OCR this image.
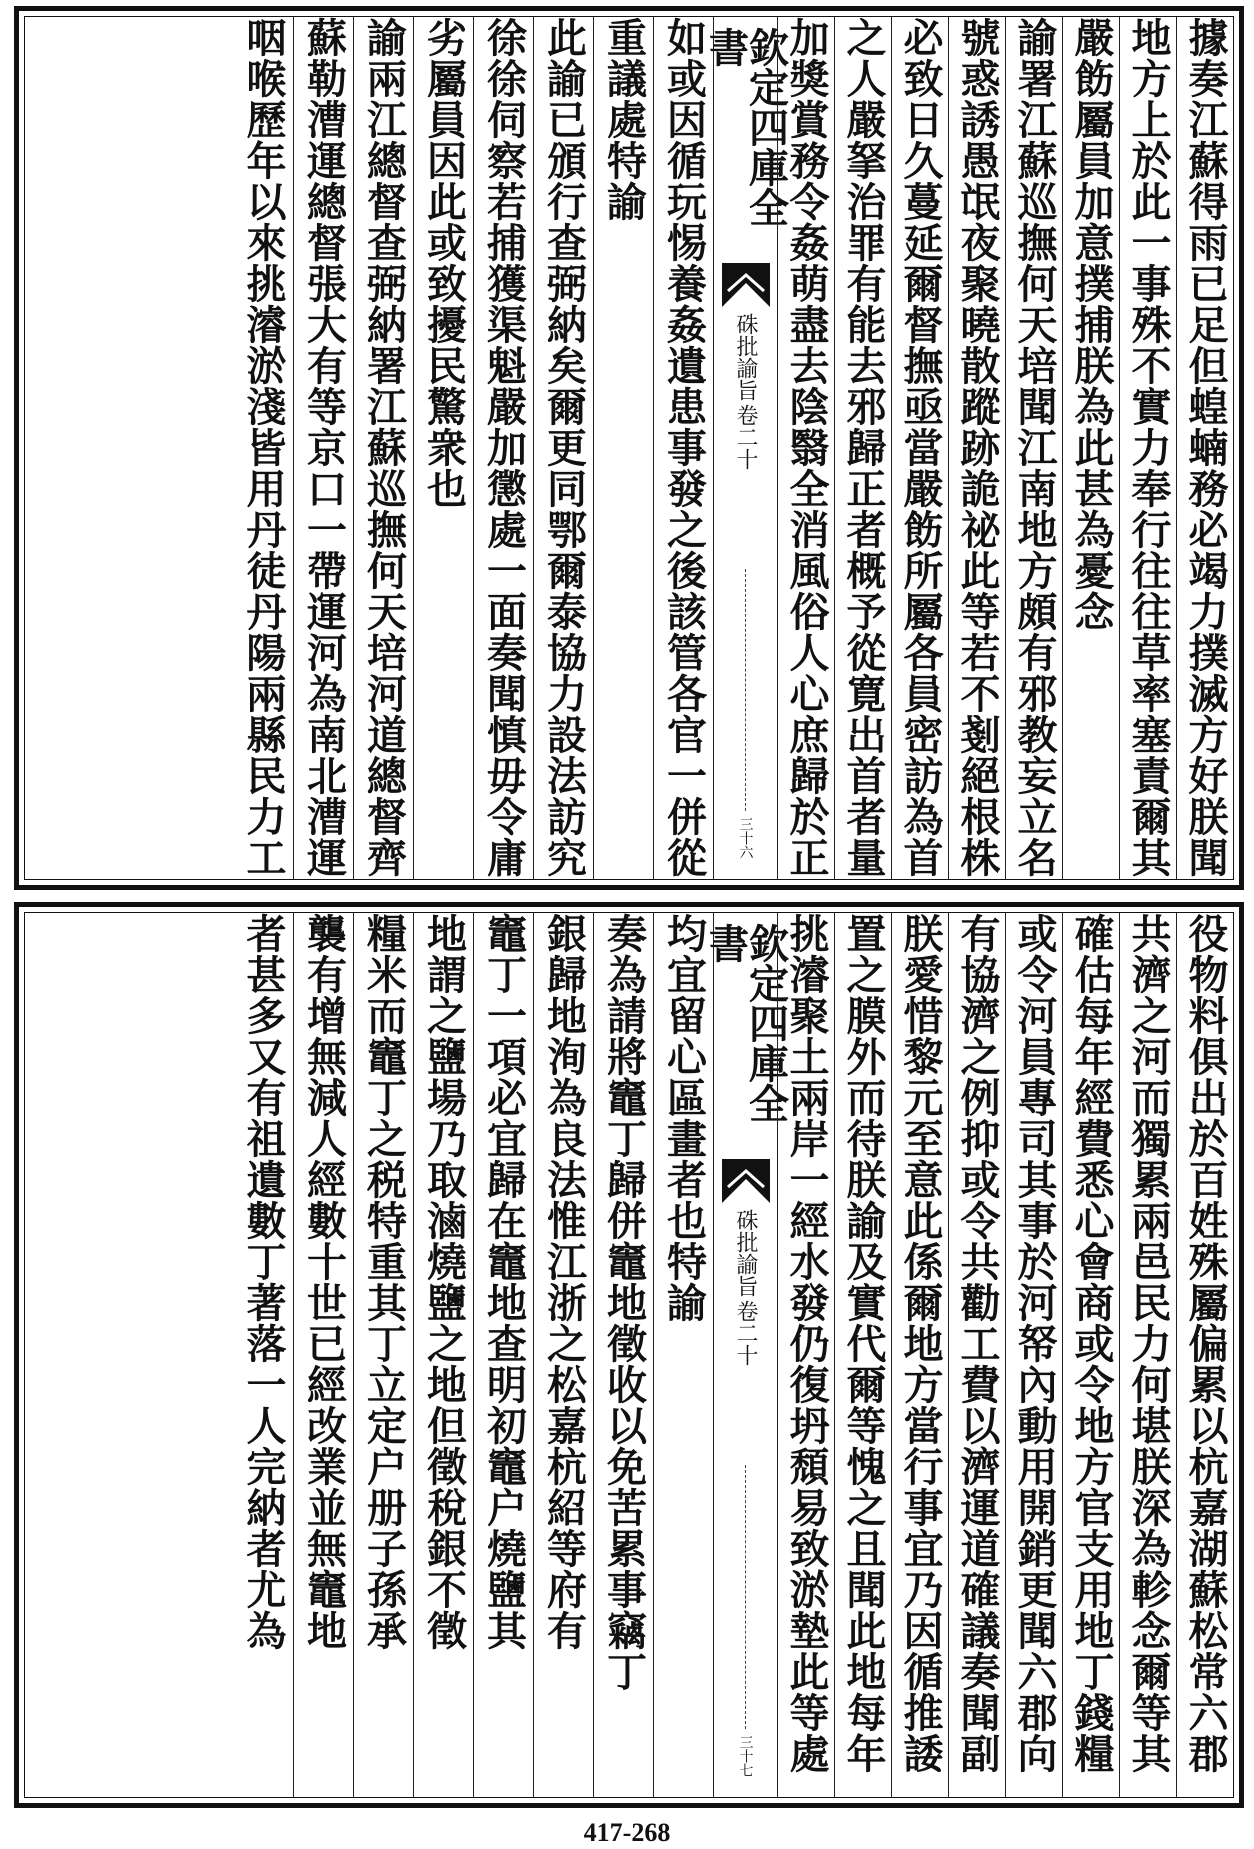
據奏江蘇得雨已足但蝗蝻務必竭力撲滅方好朕聞
地方上於此一事殊不實力奉行往往草率塞責爾其
嚴飭屬員加意撲捕朕為此甚為憂念
諭署江蘇巡撫何天培聞江南地方頗有邪教妄立名
號惑誘愚氓夜聚曉散蹤跡詭祕此等若不剗絕根株
必致日久蔓延爾督撫亟當嚴飭所屬各員密訪為首
之人嚴拏治罪有能去邪歸正者概予從寛出首者量
加獎賞務令姦萌盡去陰翳全消風俗人心庶歸於正
欽定四庫全書
硃批諭旨
卷二十
三十六
如或因循玩惕養姦遺患事發之後該管各官一併從
重議處特諭
此諭已頒行查弼納矣爾更同鄂爾泰協力設法訪究
徐徐伺察若捕獲渠魁嚴加懲處一面奏聞慎毋令庸
劣屬員因此或致擾民驚衆也
諭兩江總督查弼納署江蘇巡撫何天培河道總督齊
蘇勒漕運總督張大有等京口一帶運河為南北漕運
咽喉歷年以來挑濬淤淺皆用丹徒丹陽兩縣民力工
役物料俱出於百姓殊屬偏累以杭嘉湖蘇松常六郡
共濟之河而獨累兩邑民力何堪朕深為軫念爾等其
確估每年經費悉心會商或令地方官支用地丁錢糧
或令河員專司其事於河帑內動用開銷更聞六郡向
有協濟之例抑或令共勸工費以濟運道確議奏聞副
朕愛惜黎元至意此係爾地方當行事宜乃因循推諉
置之膜外而待朕諭及實代爾等愧之且聞此地每年
挑濬聚土兩岸一經水發仍復坍頹易致淤墊此等處
欽定四庫全書
硃批諭旨
卷二十
三十七
均宜留心區畫者也特諭
奏為請將竈丁歸併竈地徵收以免苦累事竊丁
銀歸地洵為良法惟江浙之松嘉杭紹等府有
竈丁一項必宜歸在竈地查明初竈户燒鹽其
地謂之鹽場乃取滷燒鹽之地但徵稅銀不徵
糧米而竈丁之税特重其丁立定户册子孫承
襲有增無減人經數十世已經改業並無竈地
者甚多又有祖遺數丁著落一人完納者尤為
417-268
